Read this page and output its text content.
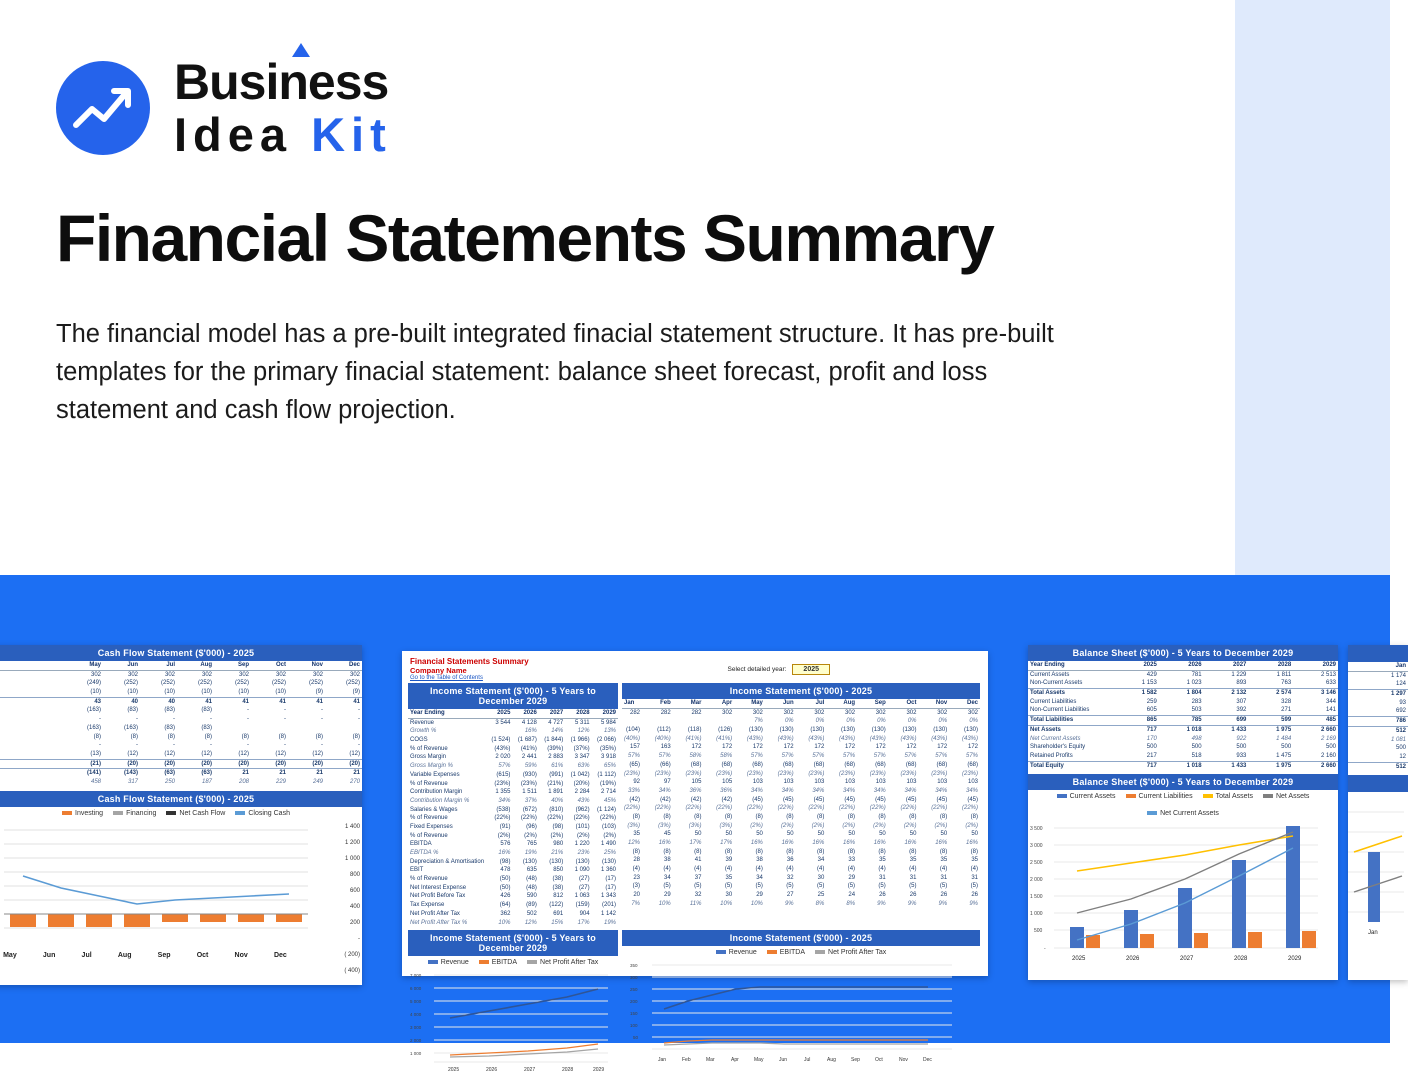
Business
Idea Kit
Financial Statements Summary
The financial model has a pre-built integrated finacial statement structure. It has pre-built templates for the primary finacial statement: balance sheet forecast, profit and loss statement and cash flow projection.
Cash Flow Statement ($'000) - 2025
	May	Jun	Jul	Aug	Sep	Oct	Nov	Dec
	302	302	302	302	302	302	302	302
	(249)	(252)	(252)	(252)	(252)	(252)	(252)	(252)
	(10)	(10)	(10)	(10)	(10)	(10)	(9)	(9)
	43	40	40	41	41	41	41	41
	(163)	(83)	(83)	(83)	-	-	-	-
	-	-	-	-	-	-	-	-
	(163)	(163)	(83)	(83)				
	(8)	(8)	(8)	(8)	(8)	(8)	(8)	(8)
	-	-	-	-	-	-	-	-
	(13)	(12)	(12)	(12)	(12)	(12)	(12)	(12)
	(21)	(20)	(20)	(20)	(20)	(20)	(20)	(20)
	(141)	(143)	(63)	(63)	21	21	21	21
	458	317	250	187	208	229	249	270
Cash Flow Statement ($'000) - 2025
Investing	Financing	Net Cash Flow	Closing Cash
1 400
1 200
1 000
800
600
400
200
-
( 200)
( 400)
May	Jun	Jul	Aug	Sep	Oct	Nov	Dec
Financial Statements Summary
Company Name
Go to the Table of Contents
Select detailed year:	2025
Income Statement ($'000) - 5 Years to December 2029
Year Ending	2025	2026	2027	2028	2029
Revenue	3 544	4 128	4 727	5 311	5 984
Growth %		16%	14%	12%	13%
COGS	(1 524)	(1 687)	(1 844)	(1 966)	(2 066)
% of Revenue	(43%)	(41%)	(39%)	(37%)	(35%)
Gross Margin	2 020	2 441	2 883	3 347	3 918
Gross Margin %	57%	59%	61%	63%	65%
Variable Expenses	(615)	(930)	(991)	(1 042)	(1 112)
% of Revenue	(23%)	(23%)	(21%)	(20%)	(19%)
Contribution Margin	1 355	1 511	1 891	2 284	2 714
Contribution Margin %	34%	37%	40%	43%	45%
Salaries & Wages	(538)	(672)	(810)	(962)	(1 124)
% of Revenue	(22%)	(22%)	(22%)	(22%)	(22%)
Fixed Expenses	(91)	(96)	(98)	(101)	(103)
% of Revenue	(2%)	(2%)	(2%)	(2%)	(2%)
EBITDA	576	765	980	1 220	1 490
EBITDA %	16%	19%	21%	23%	25%
Depreciation & Amortisation	(98)	(130)	(130)	(130)	(130)
EBIT	478	635	850	1 090	1 360
% of Revenue	(50)	(48)	(38)	(27)	(17)
Net Interest Expense	(50)	(48)	(38)	(27)	(17)
Net Profit Before Tax	426	590	812	1 063	1 343
Tax Expense	(64)	(89)	(122)	(159)	(201)
Net Profit After Tax	362	502	691	904	1 142
Net Profit After Tax %	10%	12%	15%	17%	19%
Income Statement ($'000) - 2025
Jan	Feb	Mar	Apr	May	Jun	Jul	Aug	Sep	Oct	Nov	Dec
282	282	282	302	302	302	302	302	302	302	302	302
				7%	0%	0%	0%	0%	0%	0%	0%
(104)	(112)	(118)	(126)	(130)	(130)	(130)	(130)	(130)	(130)	(130)	(130)
(40%)	(40%)	(41%)	(41%)	(43%)	(43%)	(43%)	(43%)	(43%)	(43%)	(43%)	(43%)
157	163	172	172	172	172	172	172	172	172	172	172
57%	57%	58%	58%	57%	57%	57%	57%	57%	57%	57%	57%
(65)	(66)	(68)	(68)	(68)	(68)	(68)	(68)	(68)	(68)	(68)	(68)
(23%)	(23%)	(23%)	(23%)	(23%)	(23%)	(23%)	(23%)	(23%)	(23%)	(23%)	(23%)
92	97	105	105	103	103	103	103	103	103	103	103
33%	34%	36%	36%	34%	34%	34%	34%	34%	34%	34%	34%
(42)	(42)	(42)	(42)	(45)	(45)	(45)	(45)	(45)	(45)	(45)	(45)
(22%)	(22%)	(22%)	(22%)	(22%)	(22%)	(22%)	(22%)	(22%)	(22%)	(22%)	(22%)
(8)	(8)	(8)	(8)	(8)	(8)	(8)	(8)	(8)	(8)	(8)	(8)
(3%)	(3%)	(3%)	(3%)	(2%)	(2%)	(2%)	(2%)	(2%)	(2%)	(2%)	(2%)
35	45	50	50	50	50	50	50	50	50	50	50
12%	16%	17%	17%	16%	16%	16%	16%	16%	16%	16%	16%
(8)	(8)	(8)	(8)	(8)	(8)	(8)	(8)	(8)	(8)	(8)	(8)
28	38	41	39	38	36	34	33	35	35	35	35
(4)	(4)	(4)	(4)	(4)	(4)	(4)	(4)	(4)	(4)	(4)	(4)
23	34	37	35	34	32	30	29	31	31	31	31
(3)	(5)	(5)	(5)	(5)	(5)	(5)	(5)	(5)	(5)	(5)	(5)
20	29	32	30	29	27	25	24	26	26	26	26
7%	10%	11%	10%	10%	9%	8%	8%	9%	9%	9%	9%
Income Statement ($'000) - 5 Years to December 2029
Revenue	EBITDA	Net Profit After Tax
7 000
6 000
5 000
4 000
3 000
2 000
1 000
2025	2026	2027	2028	2029
Income Statement ($'000) - 2025
Revenue	EBITDA	Net Profit After Tax
350
300
250
200
150
100
50
Jan	Feb	Mar	Apr	May	Jun	Jul	Aug	Sep	Oct	Nov	Dec
Balance Sheet ($'000) - 5 Years to December 2029
Year Ending	2025	2026	2027	2028	2029
Current Assets	429	781	1 229	1 811	2 513
Non-Current Assets	1 153	1 023	893	763	633
Total Assets	1 582	1 804	2 132	2 574	3 146
Current Liabilities	259	283	307	328	344
Non-Current Liabilities	605	503	392	271	141
Total Liabilities	865	785	699	599	485
Net Assets	717	1 018	1 433	1 975	2 660
Net Current Assets	170	498	922	1 484	2 169
Shareholder's Equity	500	500	500	500	500
Retained Profits	217	518	933	1 475	2 160
Total Equity	717	1 018	1 433	1 975	2 660
Balance Sheet ($'000) - 5 Years to December 2029
Current Assets	Current Liabilities	Total Assets	Net Assets
Net Current Assets
3 500
3 000
2 500
2 000
1 500
1 000
500
-
2025	2026	2027	2028	2029

Jan
1 174
124
1 297
93
692
786
512
1 081
500
12
512

Jan
